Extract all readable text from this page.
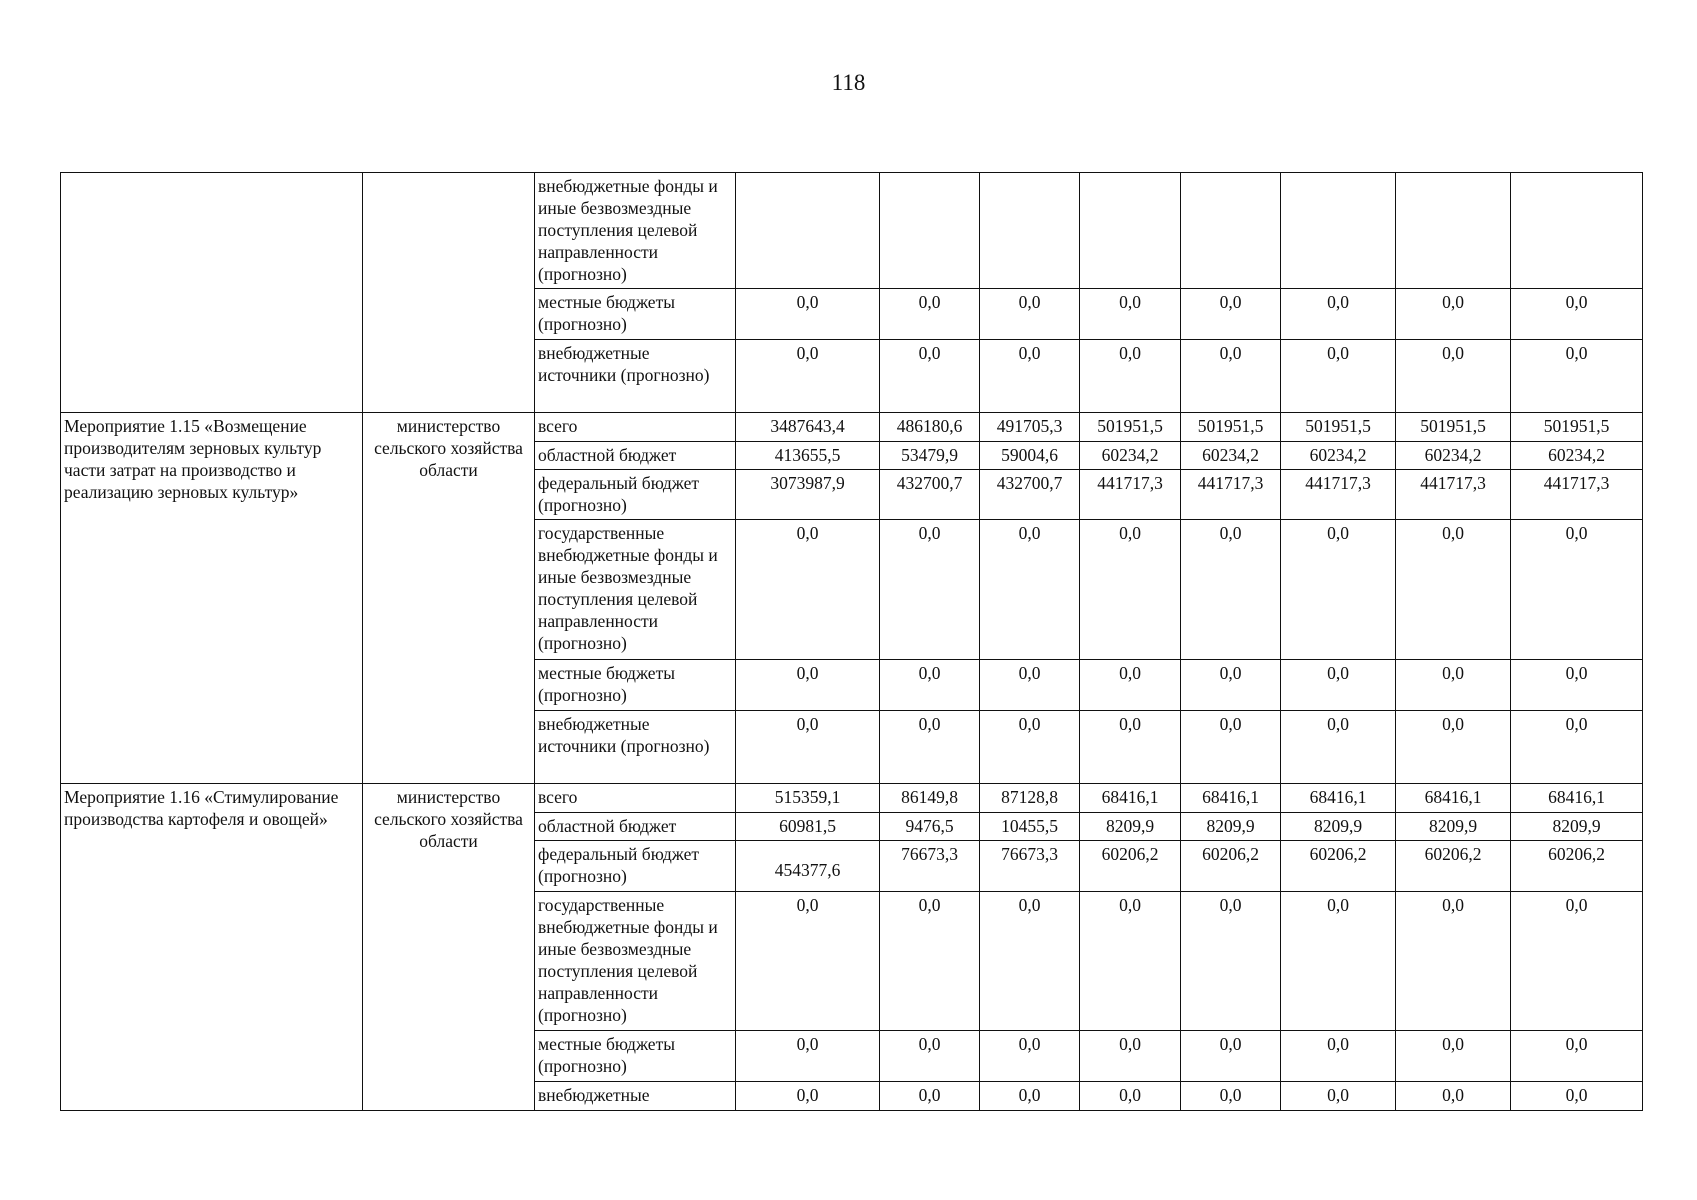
118
		внебюджетные фонды и иные безвозмездные поступления целевой направленности (прогнозно)								
		местные бюджеты (прогнозно)	0,0	0,0	0,0	0,0	0,0	0,0	0,0	0,0
		внебюджетные источники (прогнозно)	0,0	0,0	0,0	0,0	0,0	0,0	0,0	0,0
Мероприятие 1.15 «Возмещение производителям зерновых культур части затрат на производство и реализацию зерновых культур»	министерство сельского хозяйства области	всего	3487643,4	486180,6	491705,3	501951,5	501951,5	501951,5	501951,5	501951,5
		областной бюджет	413655,5	53479,9	59004,6	60234,2	60234,2	60234,2	60234,2	60234,2
		федеральный бюджет (прогнозно)	3073987,9	432700,7	432700,7	441717,3	441717,3	441717,3	441717,3	441717,3
		государственные внебюджетные фонды и иные безвозмездные поступления целевой направленности (прогнозно)	0,0	0,0	0,0	0,0	0,0	0,0	0,0	0,0
		местные бюджеты (прогнозно)	0,0	0,0	0,0	0,0	0,0	0,0	0,0	0,0
		внебюджетные источники (прогнозно)	0,0	0,0	0,0	0,0	0,0	0,0	0,0	0,0
Мероприятие 1.16 «Стимулирование производства картофеля и овощей»	министерство сельского хозяйства области	всего	515359,1	86149,8	87128,8	68416,1	68416,1	68416,1	68416,1	68416,1
		областной бюджет	60981,5	9476,5	10455,5	8209,9	8209,9	8209,9	8209,9	8209,9
		федеральный бюджет (прогнозно)	454377,6	76673,3	76673,3	60206,2	60206,2	60206,2	60206,2	60206,2
		государственные внебюджетные фонды и иные безвозмездные поступления целевой направленности (прогнозно)	0,0	0,0	0,0	0,0	0,0	0,0	0,0	0,0
		местные бюджеты (прогнозно)	0,0	0,0	0,0	0,0	0,0	0,0	0,0	0,0
		внебюджетные	0,0	0,0	0,0	0,0	0,0	0,0	0,0	0,0
